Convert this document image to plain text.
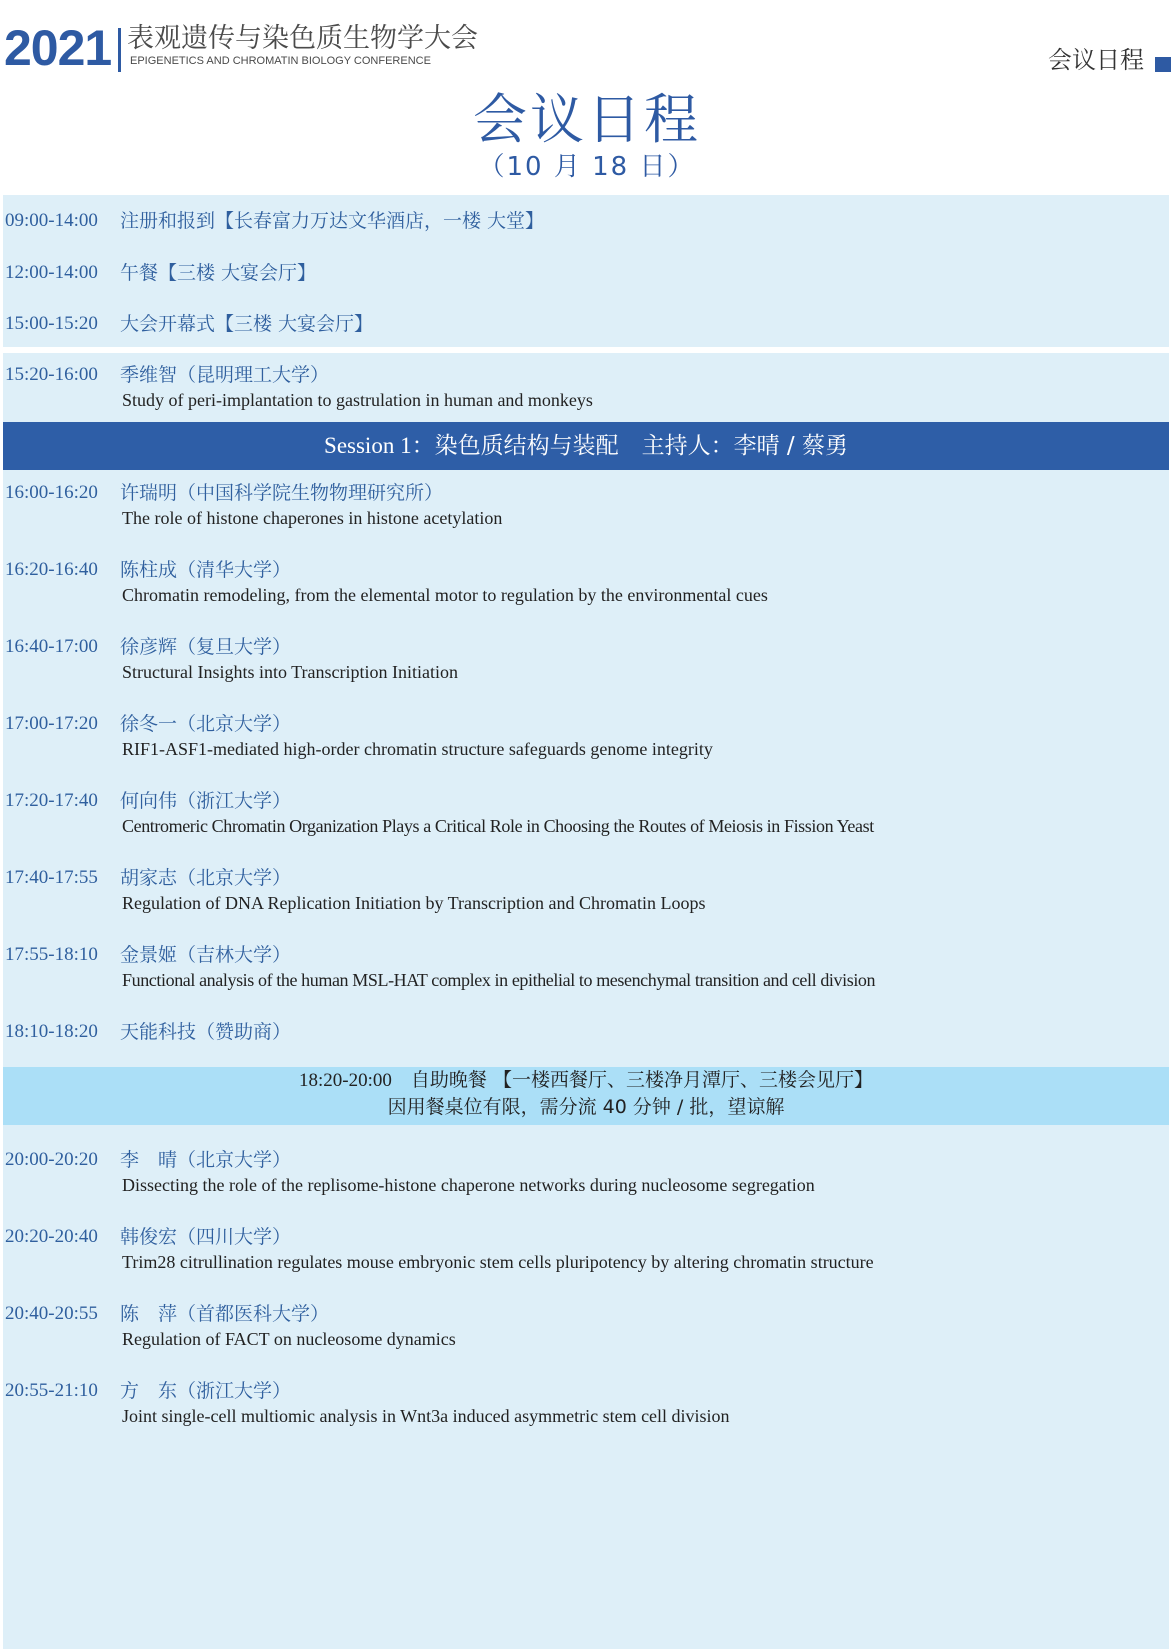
2021 表观遗传与染色质生物学大会
EPIGENETICS AND CHROMATIN BIOLOGY CONFERENCE	会议日程
会议日程
（10 月 18 日）
09:00-14:00 注册和报到【长春富力万达文华酒店，一楼 大堂】
12:00-14:00 午餐【三楼 大宴会厅】
15:00-15:20 大会开幕式【三楼 大宴会厅】
15:20-16:00 季维智（昆明理工大学）
Study of peri-implantation to gastrulation in human and monkeys
Session 1：染色质结构与装配　主持人：李晴 / 蔡勇
16:00-16:20 许瑞明（中国科学院生物物理研究所）
The role of histone chaperones in histone acetylation
16:20-16:40 陈柱成（清华大学）
Chromatin remodeling, from the elemental motor to regulation by the environmental cues
16:40-17:00 徐彦辉（复旦大学）
Structural Insights into Transcription Initiation
17:00-17:20 徐冬一（北京大学）
RIF1-ASF1-mediated high-order chromatin structure safeguards genome integrity
17:20-17:40 何向伟（浙江大学）
Centromeric Chromatin Organization Plays a Critical Role in Choosing the Routes of Meiosis in Fission Yeast
17:40-17:55 胡家志（北京大学）
Regulation of DNA Replication Initiation by Transcription and Chromatin Loops
17:55-18:10 金景姬（吉林大学）
Functional analysis of the human MSL-HAT complex in epithelial to mesenchymal transition and cell division
18:10-18:20 天能科技（赞助商）
18:20-20:00　 自助晚餐 【一楼西餐厅、三楼净月潭厅、三楼会见厅】
因用餐桌位有限，需分流 40 分钟 / 批，望谅解
20:00-20:20 李　晴（北京大学）
Dissecting the role of the replisome-histone chaperone networks during nucleosome segregation
20:20-20:40 韩俊宏（四川大学）
Trim28 citrullination regulates mouse embryonic stem cells pluripotency by altering chromatin structure
20:40-20:55 陈　萍（首都医科大学）
Regulation of FACT on nucleosome dynamics
20:55-21:10 方　东（浙江大学）
Joint single-cell multiomic analysis in Wnt3a induced asymmetric stem cell division
